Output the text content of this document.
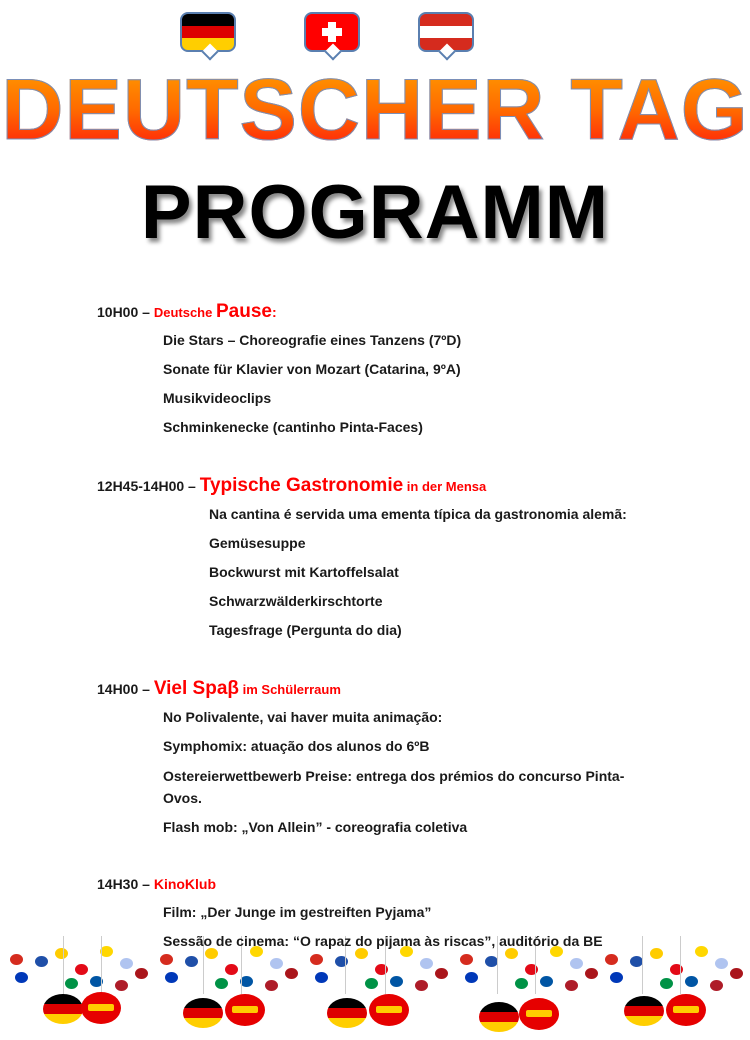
DEUTSCHER TAG
PROGRAMM
10H00 – Deutsche Pause:
Die Stars – Choreografie eines Tanzens (7ºD)
Sonate für Klavier von Mozart (Catarina, 9ºA)
Musikvideoclips
Schminkenecke (cantinho Pinta-Faces)
12H45-14H00 – Typische Gastronomie in der Mensa
Na cantina é servida uma ementa típica da gastronomia alemã:
Gemüsesuppe
Bockwurst mit Kartoffelsalat
Schwarzwälderkirschtorte
Tagesfrage (Pergunta do dia)
14H00 – Viel Spaβ im Schülerraum
No Polivalente, vai haver muita animação:
Symphomix: atuação dos alunos do 6ºB
Ostereierwettbewerb Preise: entrega dos prémios do concurso Pinta-Ovos.
Flash mob: „Von Allein” - coreografia coletiva
14H30 – KinoKlub
Film: „Der Junge im gestreiften Pyjama”
Sessão de cinema: “O rapaz do pijama às riscas”, auditório da BE
